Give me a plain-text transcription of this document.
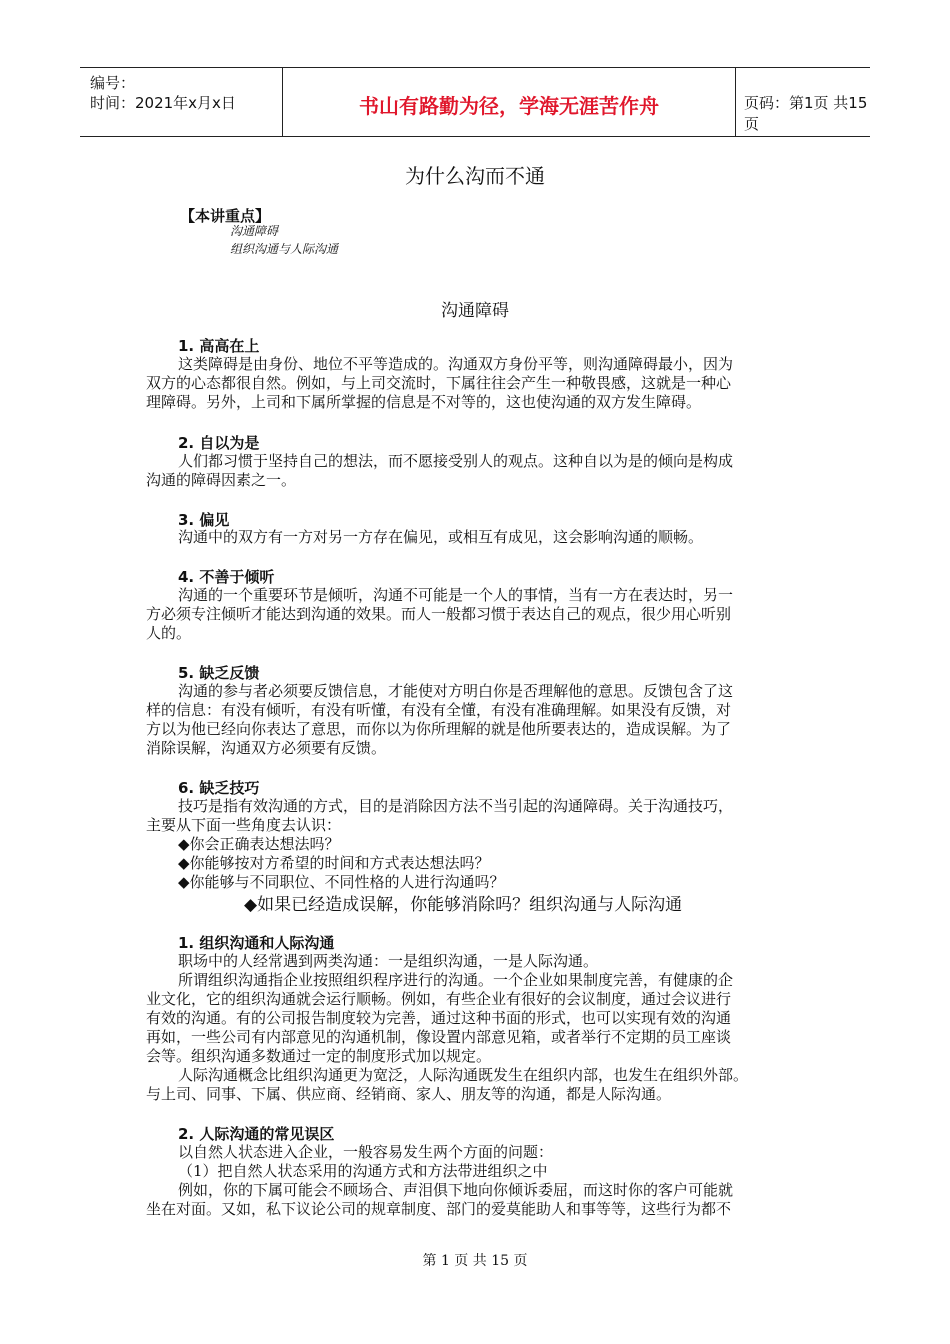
编号：
时间：2021年x月x日	书山有路勤为径，学海无涯苦作舟	页码：第1页 共15页
为什么沟而不通
【本讲重点】
沟通障碍
组织沟通与人际沟通
沟通障碍
1. 高高在上
这类障碍是由身份、地位不平等造成的。沟通双方身份平等，则沟通障碍最小，因为
双方的心态都很自然。例如，与上司交流时，下属往往会产生一种敬畏感，这就是一种心
理障碍。另外，上司和下属所掌握的信息是不对等的，这也使沟通的双方发生障碍。
2. 自以为是
人们都习惯于坚持自己的想法，而不愿接受别人的观点。这种自以为是的倾向是构成
沟通的障碍因素之一。
3. 偏见
沟通中的双方有一方对另一方存在偏见，或相互有成见，这会影响沟通的顺畅。
4. 不善于倾听
沟通的一个重要环节是倾听，沟通不可能是一个人的事情，当有一方在表达时，另一
方必须专注倾听才能达到沟通的效果。而人一般都习惯于表达自己的观点，很少用心听别
人的。
5. 缺乏反馈
沟通的参与者必须要反馈信息，才能使对方明白你是否理解他的意思。反馈包含了这
样的信息：有没有倾听，有没有听懂，有没有全懂，有没有准确理解。如果没有反馈，对
方以为他已经向你表达了意思，而你以为你所理解的就是他所要表达的，造成误解。为了
消除误解，沟通双方必须要有反馈。
6. 缺乏技巧
技巧是指有效沟通的方式，目的是消除因方法不当引起的沟通障碍。关于沟通技巧，
主要从下面一些角度去认识：
◆你会正确表达想法吗？
◆你能够按对方希望的时间和方式表达想法吗？
◆你能够与不同职位、不同性格的人进行沟通吗？
◆如果已经造成误解，你能够消除吗？组织沟通与人际沟通
1. 组织沟通和人际沟通
职场中的人经常遇到两类沟通：一是组织沟通，一是人际沟通。
所谓组织沟通指企业按照组织程序进行的沟通。一个企业如果制度完善，有健康的企
业文化，它的组织沟通就会运行顺畅。例如，有些企业有很好的会议制度，通过会议进行
有效的沟通。有的公司报告制度较为完善，通过这种书面的形式，也可以实现有效的沟通
再如，一些公司有内部意见的沟通机制，像设置内部意见箱，或者举行不定期的员工座谈
会等。组织沟通多数通过一定的制度形式加以规定。
人际沟通概念比组织沟通更为宽泛，人际沟通既发生在组织内部，也发生在组织外部。
与上司、同事、下属、供应商、经销商、家人、朋友等的沟通，都是人际沟通。
2. 人际沟通的常见误区
以自然人状态进入企业，一般容易发生两个方面的问题：
（1）把自然人状态采用的沟通方式和方法带进组织之中
例如，你的下属可能会不顾场合、声泪俱下地向你倾诉委屈，而这时你的客户可能就
坐在对面。又如，私下议论公司的规章制度、部门的爱莫能助人和事等等，这些行为都不
第 1 页 共 15 页
